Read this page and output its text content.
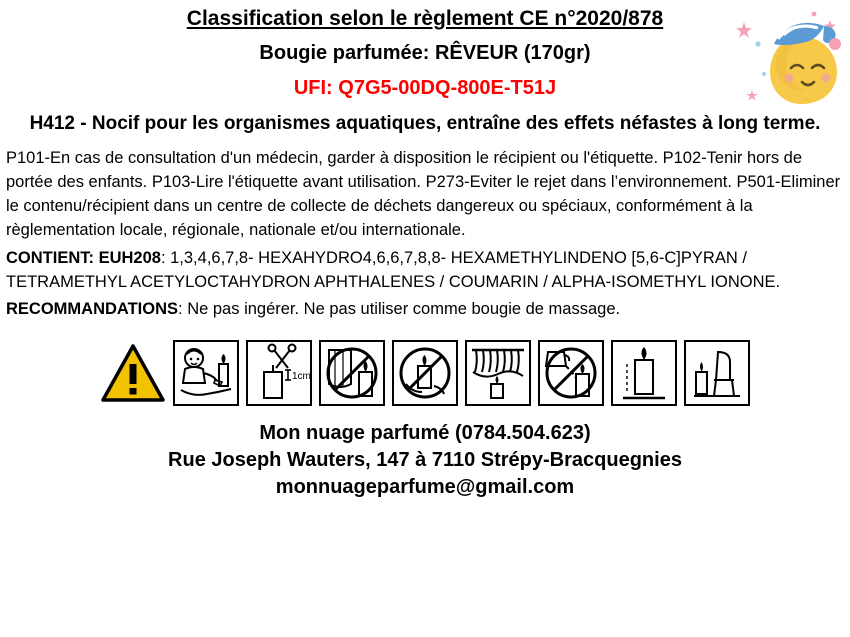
Classification selon le règlement CE n°2020/878
Bougie parfumée: RÊVEUR (170gr)
UFI: Q7G5-00DQ-800E-T51J
H412 - Nocif pour les organismes aquatiques, entraîne des effets néfastes à long terme.

P101-En cas de consultation d'un médecin, garder à disposition le récipient ou l'étiquette. P102-Tenir hors de portée des enfants. P103-Lire l'étiquette avant utilisation. P273-Eviter le rejet dans l’environnement. P501-Eliminer le contenu/récipient dans un centre de collecte de déchets dangereux ou spéciaux, conformément à la règlementation locale, régionale, nationale et/ou internationale.

CONTIENT: EUH208: 1,3,4,6,7,8- HEXAHYDRO4,6,6,7,8,8- HEXAMETHYLINDENO [5,6-C]PYRAN / TETRAMETHYL ACETYLOCTAHYDRON APHTHALENES / COUMARIN / ALPHA-ISOMETHYL IONONE.

RECOMMANDATIONS: Ne pas ingérer. Ne pas utiliser comme bougie de massage.

1cm
Mon nuage parfumé (0784.504.623)
Rue Joseph Wauters, 147 à 7110 Strépy-Bracquegnies
monnuageparfume@gmail.com
